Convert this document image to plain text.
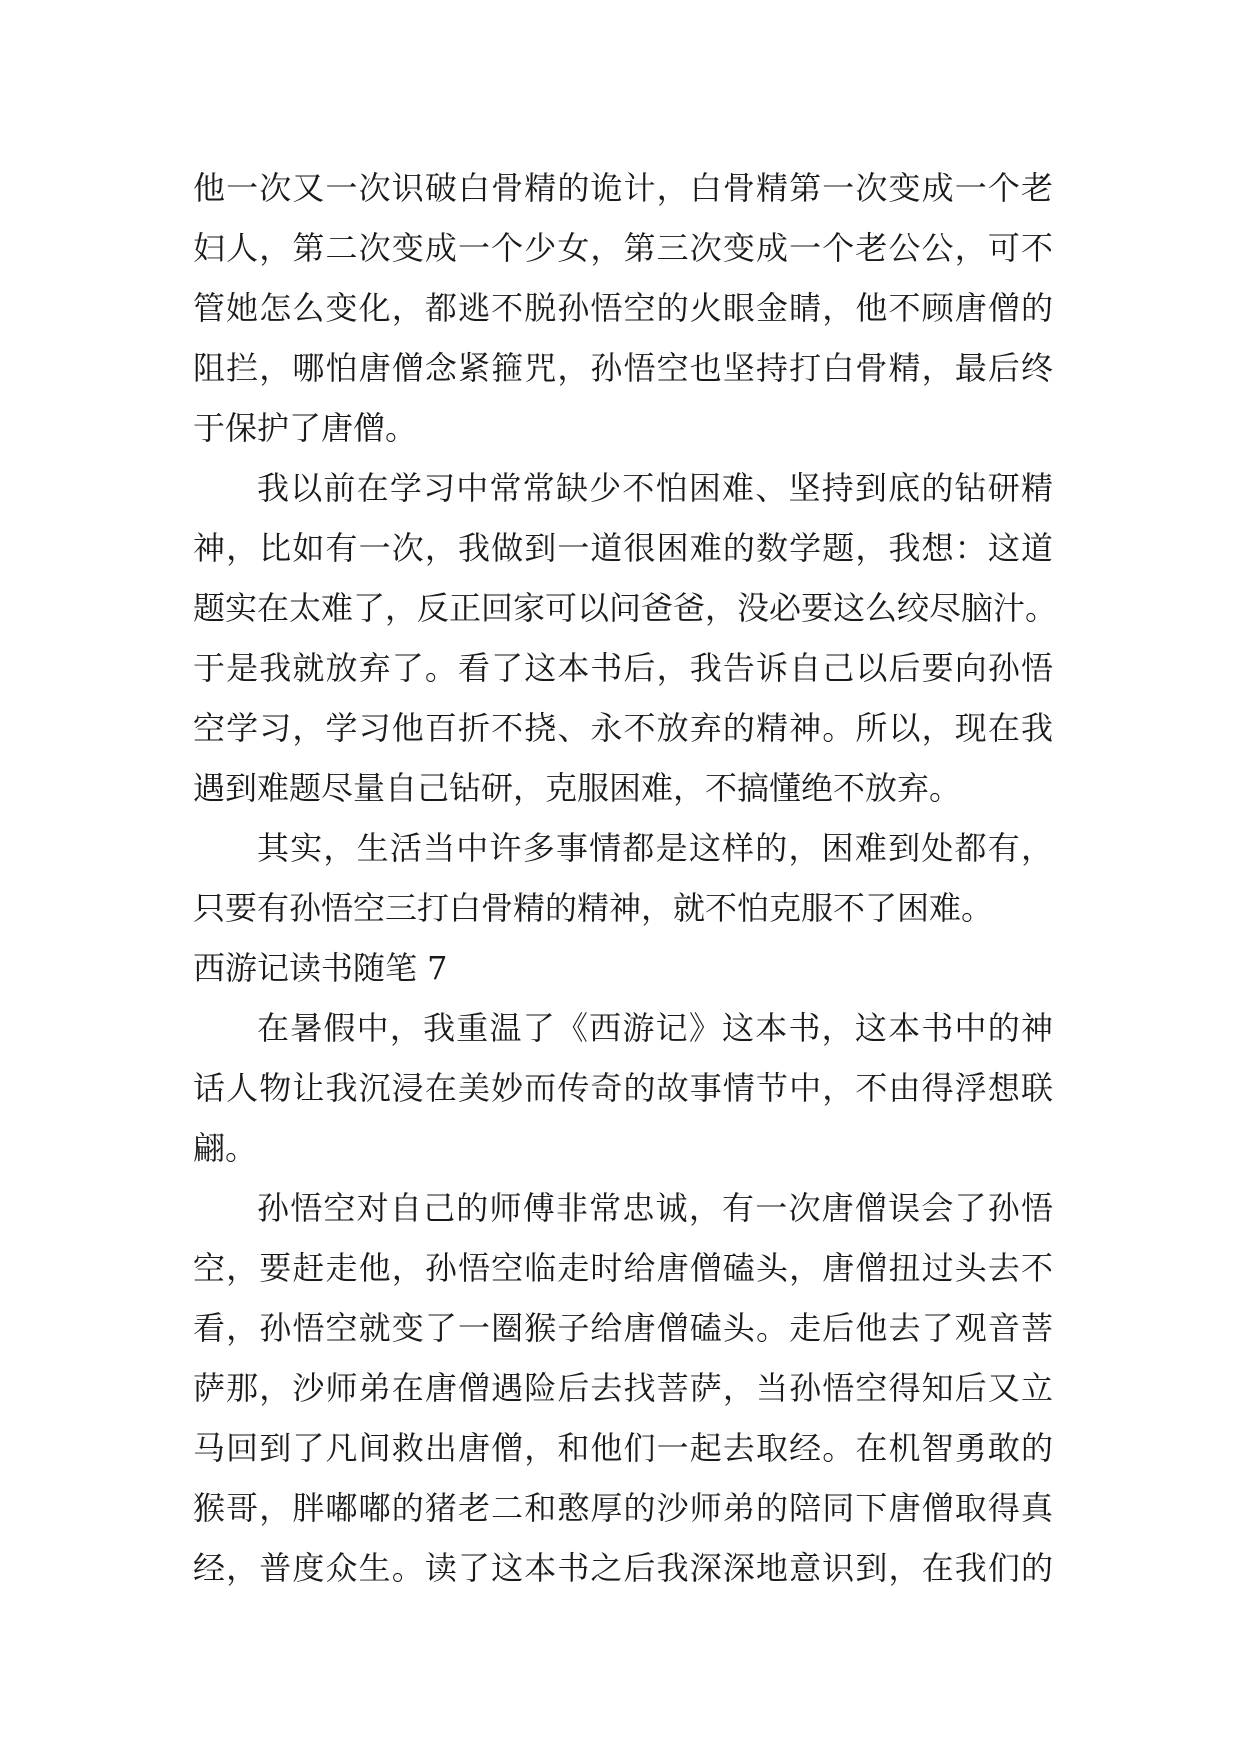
他一次又一次识破白骨精的诡计，白骨精第一次变成一个老
妇人，第二次变成一个少女，第三次变成一个老公公，可不
管她怎么变化，都逃不脱孙悟空的火眼金睛，他不顾唐僧的
阻拦，哪怕唐僧念紧箍咒，孙悟空也坚持打白骨精，最后终
于保护了唐僧。
我以前在学习中常常缺少不怕困难、坚持到底的钻研精
神，比如有一次，我做到一道很困难的数学题，我想：这道
题实在太难了，反正回家可以问爸爸，没必要这么绞尽脑汁。
于是我就放弃了。看了这本书后，我告诉自己以后要向孙悟
空学习，学习他百折不挠、永不放弃的精神。所以，现在我
遇到难题尽量自己钻研，克服困难，不搞懂绝不放弃。
其实，生活当中许多事情都是这样的，困难到处都有，
只要有孙悟空三打白骨精的精神，就不怕克服不了困难。
西游记读书随笔 7
在暑假中，我重温了《西游记》这本书，这本书中的神
话人物让我沉浸在美妙而传奇的故事情节中，不由得浮想联
翩。
孙悟空对自己的师傅非常忠诚，有一次唐僧误会了孙悟
空，要赶走他，孙悟空临走时给唐僧磕头，唐僧扭过头去不
看，孙悟空就变了一圈猴子给唐僧磕头。走后他去了观音菩
萨那，沙师弟在唐僧遇险后去找菩萨，当孙悟空得知后又立
马回到了凡间救出唐僧，和他们一起去取经。在机智勇敢的
猴哥，胖嘟嘟的猪老二和憨厚的沙师弟的陪同下唐僧取得真
经，普度众生。读了这本书之后我深深地意识到，在我们的
